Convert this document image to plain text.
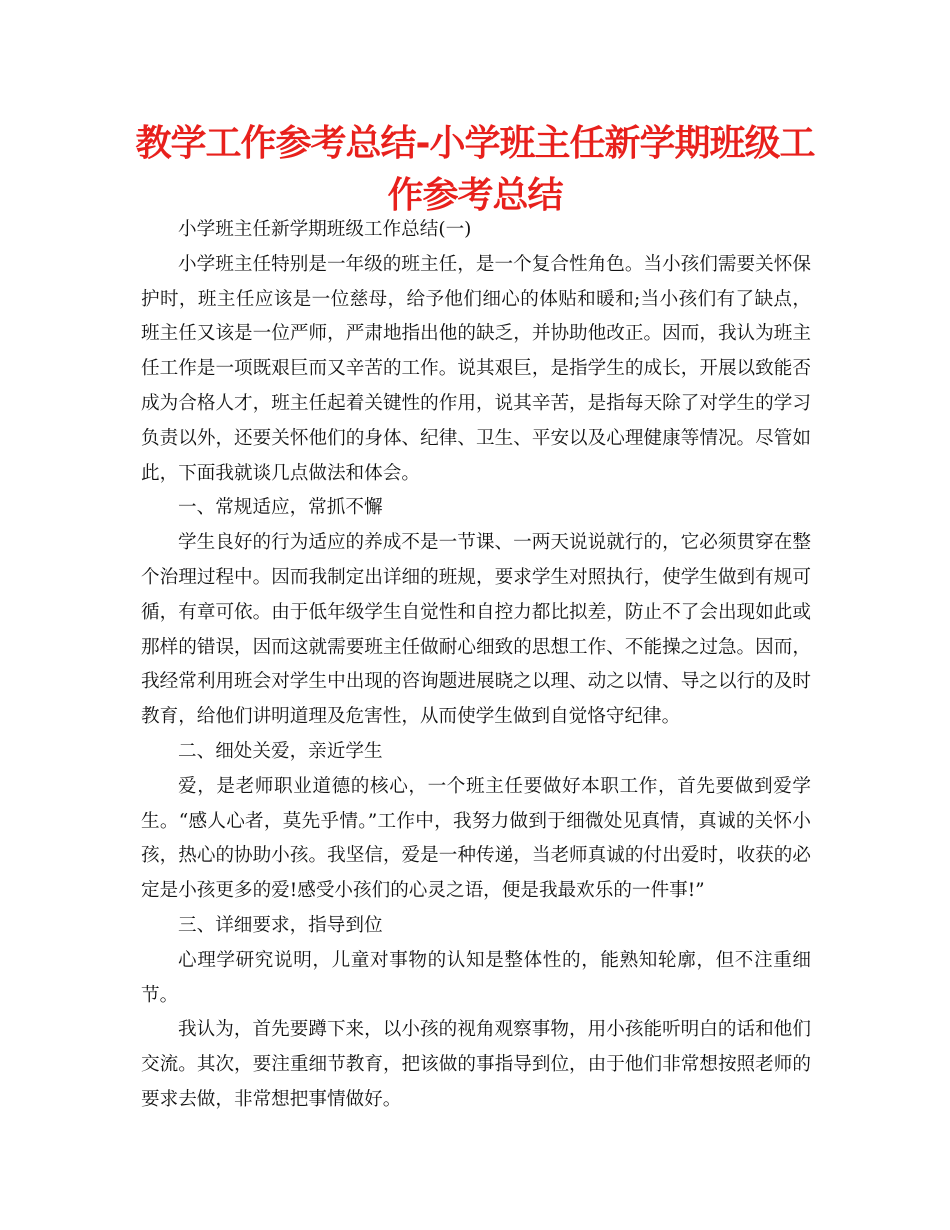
教学工作参考总结-小学班主任新学期班级工作参考总结

小学班主任新学期班级工作总结(一)

小学班主任特别是一年级的班主任，是一个复合性角色。当小孩们需要关怀保护时，班主任应该是一位慈母，给予他们细心的体贴和暖和;当小孩们有了缺点，班主任又该是一位严师，严肃地指出他的缺乏，并协助他改正。因而，我认为班主任工作是一项既艰巨而又辛苦的工作。说其艰巨，是指学生的成长，开展以致能否成为合格人才，班主任起着关键性的作用，说其辛苦，是指每天除了对学生的学习负责以外，还要关怀他们的身体、纪律、卫生、平安以及心理健康等情况。尽管如此，下面我就谈几点做法和体会。

一、常规适应，常抓不懈

学生良好的行为适应的养成不是一节课、一两天说说就行的，它必须贯穿在整个治理过程中。因而我制定出详细的班规，要求学生对照执行，使学生做到有规可循，有章可依。由于低年级学生自觉性和自控力都比拟差，防止不了会出现如此或那样的错误，因而这就需要班主任做耐心细致的思想工作、不能操之过急。因而，我经常利用班会对学生中出现的咨询题进展晓之以理、动之以情、导之以行的及时教育，给他们讲明道理及危害性，从而使学生做到自觉恪守纪律。

二、细处关爱，亲近学生

爱，是老师职业道德的核心，一个班主任要做好本职工作，首先要做到爱学生。“感人心者，莫先乎情。”工作中，我努力做到于细微处见真情，真诚的关怀小孩，热心的协助小孩。我坚信，爱是一种传递，当老师真诚的付出爱时，收获的必定是小孩更多的爱!感受小孩们的心灵之语，便是我最欢乐的一件事!”

三、详细要求，指导到位

心理学研究说明，儿童对事物的认知是整体性的，能熟知轮廓，但不注重细节。

我认为，首先要蹲下来，以小孩的视角观察事物，用小孩能听明白的话和他们交流。其次，要注重细节教育，把该做的事指导到位，由于他们非常想按照老师的要求去做，非常想把事情做好。
